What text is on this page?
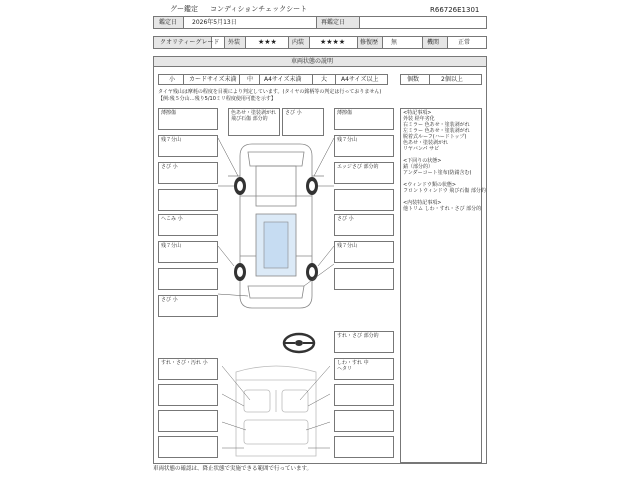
グー鑑定 コンディションチェックシート	R66726E1301
鑑定日 2026年5月13日	再鑑定日
クオリティーグレード 外装	★★★	内装 ★★★★ 修復歴 無	機関	正常
車両状態の説明
小 カードサイズ未満 中 A4サイズ未満	大 A4サイズ以上	個数	2個以上
タイヤ残山は摩耗の程度を目視により判定しています。(タイヤの銘柄等の判定は行っておりません)
【例:残５分山…残り5/10ミリ程度使用可能を示す】
薄擦傷
残７分山
さび 小
へこみ 小
残７分山
さび 小
色あせ・塗装剥がれ
飛び石傷 部分的
さび 小	薄擦傷
残７分山
エッジさび 部分的
さび 小
残７分山
<特記事項>
外装 経年劣化
右ミラー 色あせ・塗装剥がれ
左ミラー 色あせ・塗装剥がれ
脱着式ルーフ(ハードトップ)
色あせ・塗装剥がれ
リヤバンパ サビ
<下回りの状態>
錆（部分的）
アンダーコート塗布(防錆含む)
<ウィンドウ類の状態>
フロントウィンドウ 飛び石傷 部分的
<内装特記事項>
他トリム しわ・すれ・さび 部分的
すれ・さび 部分的
すれ・さび・汚れ 小	しわ・すれ 中
ヘタリ
車両状態の確認は、降止状態で実施できる範囲で行っています。
